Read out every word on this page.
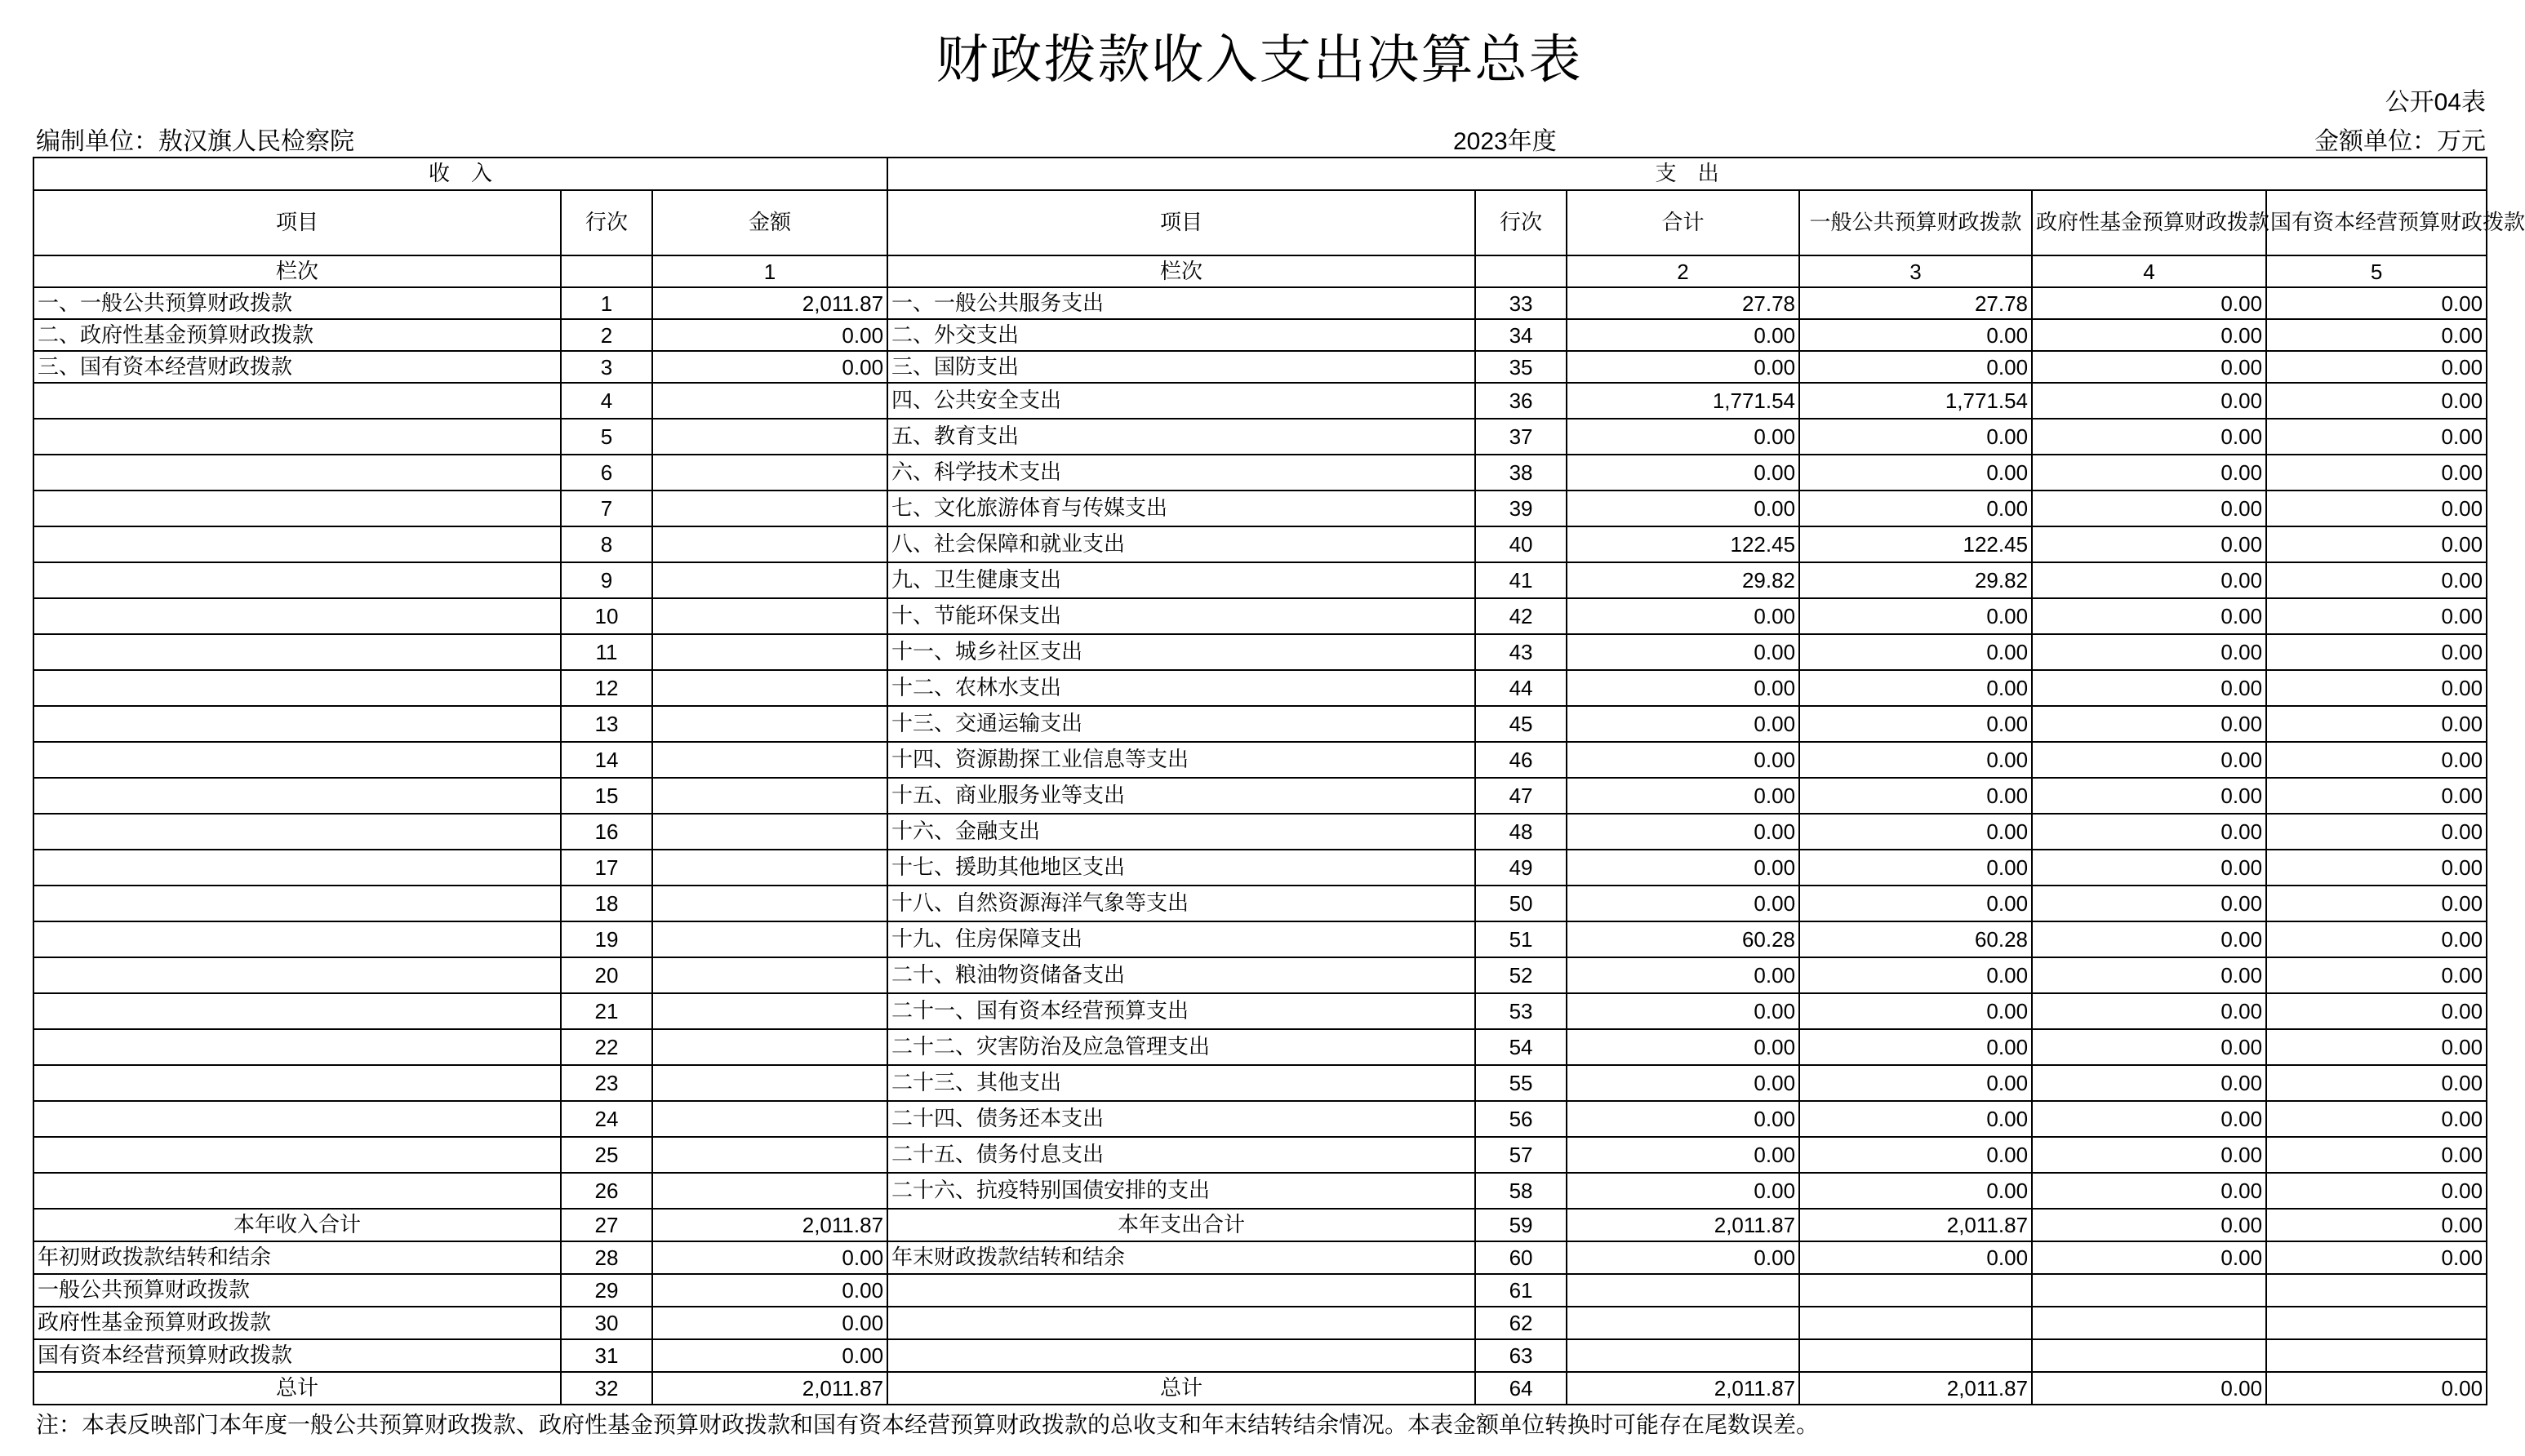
财政拨款收入支出决算总表
公开04表
编制单位：敖汉旗人民检察院	2023年度	金额单位：万元
收　入			支　出					
项目	行次	金额	项目	行次	合计	一般公共预算财政拨款	政府性基金预算财政拨款	国有资本经营预算财政拨款
栏次		1	栏次		2	3	4	5
一、一般公共预算财政拨款	1	2,011.87	一、一般公共服务支出	33	27.78	27.78	0.00	0.00
二、政府性基金预算财政拨款	2	0.00	二、外交支出	34	0.00	0.00	0.00	0.00
三、国有资本经营财政拨款	3	0.00	三、国防支出	35	0.00	0.00	0.00	0.00
	4		四、公共安全支出	36	1,771.54	1,771.54	0.00	0.00
	5		五、教育支出	37	0.00	0.00	0.00	0.00
	6		六、科学技术支出	38	0.00	0.00	0.00	0.00
	7		七、文化旅游体育与传媒支出	39	0.00	0.00	0.00	0.00
	8		八、社会保障和就业支出	40	122.45	122.45	0.00	0.00
	9		九、卫生健康支出	41	29.82	29.82	0.00	0.00
	10		十、节能环保支出	42	0.00	0.00	0.00	0.00
	11		十一、城乡社区支出	43	0.00	0.00	0.00	0.00
	12		十二、农林水支出	44	0.00	0.00	0.00	0.00
	13		十三、交通运输支出	45	0.00	0.00	0.00	0.00
	14		十四、资源勘探工业信息等支出	46	0.00	0.00	0.00	0.00
	15		十五、商业服务业等支出	47	0.00	0.00	0.00	0.00
	16		十六、金融支出	48	0.00	0.00	0.00	0.00
	17		十七、援助其他地区支出	49	0.00	0.00	0.00	0.00
	18		十八、自然资源海洋气象等支出	50	0.00	0.00	0.00	0.00
	19		十九、住房保障支出	51	60.28	60.28	0.00	0.00
	20		二十、粮油物资储备支出	52	0.00	0.00	0.00	0.00
	21		二十一、国有资本经营预算支出	53	0.00	0.00	0.00	0.00
	22		二十二、灾害防治及应急管理支出	54	0.00	0.00	0.00	0.00
	23		二十三、其他支出	55	0.00	0.00	0.00	0.00
	24		二十四、债务还本支出	56	0.00	0.00	0.00	0.00
	25		二十五、债务付息支出	57	0.00	0.00	0.00	0.00
	26		二十六、抗疫特别国债安排的支出	58	0.00	0.00	0.00	0.00
本年收入合计	27	2,011.87	本年支出合计	59	2,011.87	2,011.87	0.00	0.00
年初财政拨款结转和结余	28	0.00	年末财政拨款结转和结余	60	0.00	0.00	0.00	0.00
一般公共预算财政拨款	29	0.00		61				
政府性基金预算财政拨款	30	0.00		62				
国有资本经营预算财政拨款	31	0.00		63				
总计	32	2,011.87	总计	64	2,011.87	2,011.87	0.00	0.00
注：本表反映部门本年度一般公共预算财政拨款、政府性基金预算财政拨款和国有资本经营预算财政拨款的总收支和年末结转结余情况。本表金额单位转换时可能存在尾数误差。
